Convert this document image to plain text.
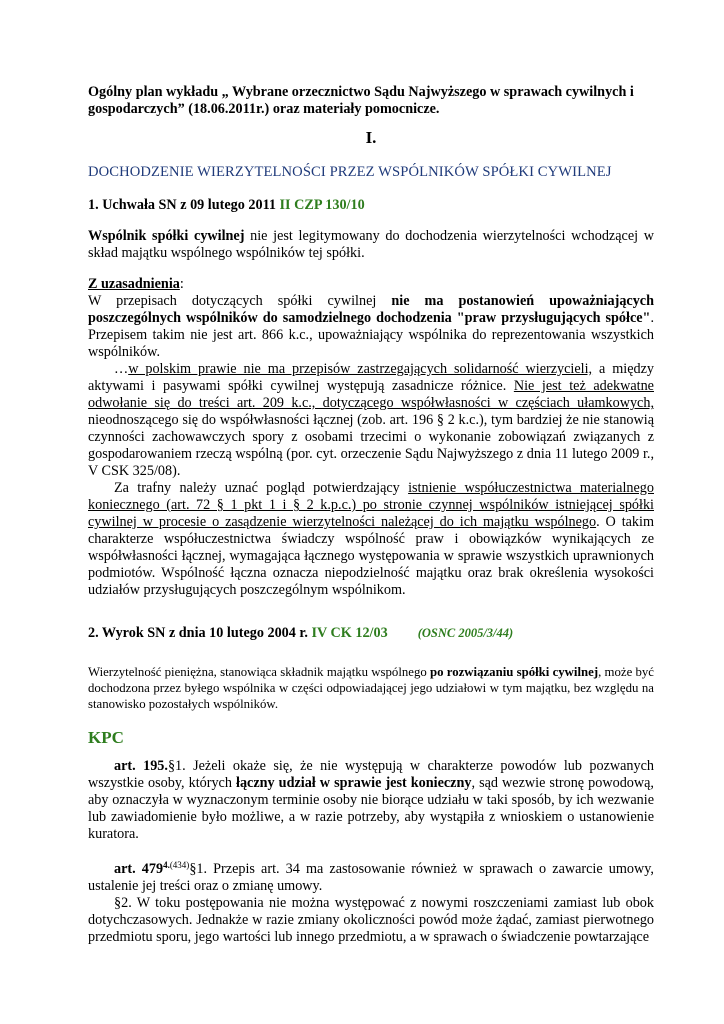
Ogólny plan wykładu „ Wybrane orzecznictwo Sądu Najwyższego w sprawach cywilnych i gospodarczych” (18.06.2011r.) oraz materiały pomocnicze.

I.

DOCHODZENIE WIERZYTELNOŚCI PRZEZ WSPÓLNIKÓW SPÓŁKI CYWILNEJ

1. Uchwała SN z 09 lutego 2011 II CZP 130/10

Wspólnik spółki cywilnej nie jest legitymowany do dochodzenia wierzytelności wchodzącej w skład majątku wspólnego wspólników tej spółki.

Z uzasadnienia:

W przepisach dotyczących spółki cywilnej nie ma postanowień upoważniających poszczególnych wspólników do samodzielnego dochodzenia "praw przysługujących spółce". Przepisem takim nie jest art. 866 k.c., upoważniający wspólnika do reprezentowania wszystkich wspólników.

…w polskim prawie nie ma przepisów zastrzegających solidarność wierzycieli, a między aktywami i pasywami spółki cywilnej występują zasadnicze różnice. Nie jest też adekwatne odwołanie się do treści art. 209 k.c., dotyczącego współwłasności w częściach ułamkowych, nieodnoszącego się do współwłasności łącznej (zob. art. 196 § 2 k.c.), tym bardziej że nie stanowią czynności zachowawczych spory z osobami trzecimi o wykonanie zobowiązań związanych z gospodarowaniem rzeczą wspólną (por. cyt. orzeczenie Sądu Najwyższego z dnia 11 lutego 2009 r., V CSK 325/08).

Za trafny należy uznać pogląd potwierdzający istnienie współuczestnictwa materialnego koniecznego (art. 72 § 1 pkt 1 i § 2 k.p.c.) po stronie czynnej wspólników istniejącej spółki cywilnej w procesie o zasądzenie wierzytelności należącej do ich majątku wspólnego. O takim charakterze współuczestnictwa świadczy wspólność praw i obowiązków wynikających ze współwłasności łącznej, wymagająca łącznego występowania w sprawie wszystkich uprawnionych podmiotów. Wspólność łączna oznacza niepodzielność majątku oraz brak określenia wysokości udziałów przysługujących poszczególnym wspólnikom.

2. Wyrok SN z dnia 10 lutego 2004 r. IV CK 12/03 (OSNC 2005/3/44)

Wierzytelność pieniężna, stanowiąca składnik majątku wspólnego po rozwiązaniu spółki cywilnej, może być dochodzona przez byłego wspólnika w części odpowiadającej jego udziałowi w tym majątku, bez względu na stanowisko pozostałych wspólników.

KPC

art. 195.§1. Jeżeli okaże się, że nie występują w charakterze powodów lub pozwanych wszystkie osoby, których łączny udział w sprawie jest konieczny, sąd wezwie stronę powodową, aby oznaczyła w wyznaczonym terminie osoby nie biorące udziału w taki sposób, by ich wezwanie lub zawiadomienie było możliwe, a w razie potrzeby, aby wystąpiła z wnioskiem o ustanowienie kuratora.

art. $479^{4.(434)}\S 1$. Przepis art. 34 ma zastosowanie również w sprawach o zawarcie umowy, ustalenie jej treści oraz o zmianę umowy.

§2. W toku postępowania nie można występować z nowymi roszczeniami zamiast lub obok dotychczasowych. Jednakże w razie zmiany okoliczności powód może żądać, zamiast pierwotnego przedmiotu sporu, jego wartości lub innego przedmiotu, a w sprawach o świadczenie powtarzające
